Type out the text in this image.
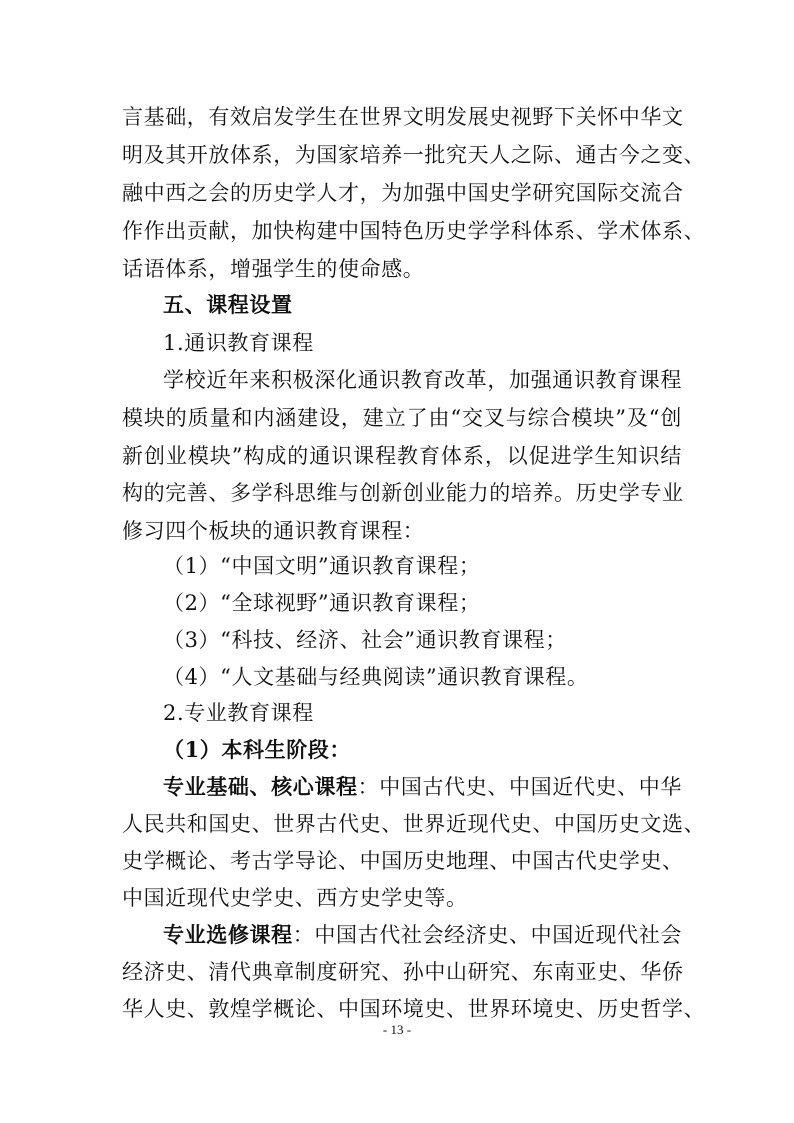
言基础，有效启发学生在世界文明发展史视野下关怀中华文
明及其开放体系，为国家培养一批究天人之际、通古今之变、
融中西之会的历史学人才，为加强中国史学研究国际交流合
作作出贡献，加快构建中国特色历史学学科体系、学术体系、
话语体系，增强学生的使命感。
五、课程设置
1.通识教育课程
学校近年来积极深化通识教育改革，加强通识教育课程
模块的质量和内涵建设，建立了由“交叉与综合模块”及“创
新创业模块”构成的通识课程教育体系，以促进学生知识结
构的完善、多学科思维与创新创业能力的培养。历史学专业
修习四个板块的通识教育课程：
（1）“中国文明”通识教育课程；
（2）“全球视野”通识教育课程；
（3）“科技、经济、社会”通识教育课程；
（4）“人文基础与经典阅读”通识教育课程。
2.专业教育课程
（1）本科生阶段：
专业基础、核心课程：中国古代史、中国近代史、中华
人民共和国史、世界古代史、世界近现代史、中国历史文选、
史学概论、考古学导论、中国历史地理、中国古代史学史、
中国近现代史学史、西方史学史等。
专业选修课程：中国古代社会经济史、中国近现代社会
经济史、清代典章制度研究、孙中山研究、东南亚史、华侨
华人史、敦煌学概论、中国环境史、世界环境史、历史哲学、
- 13 -
